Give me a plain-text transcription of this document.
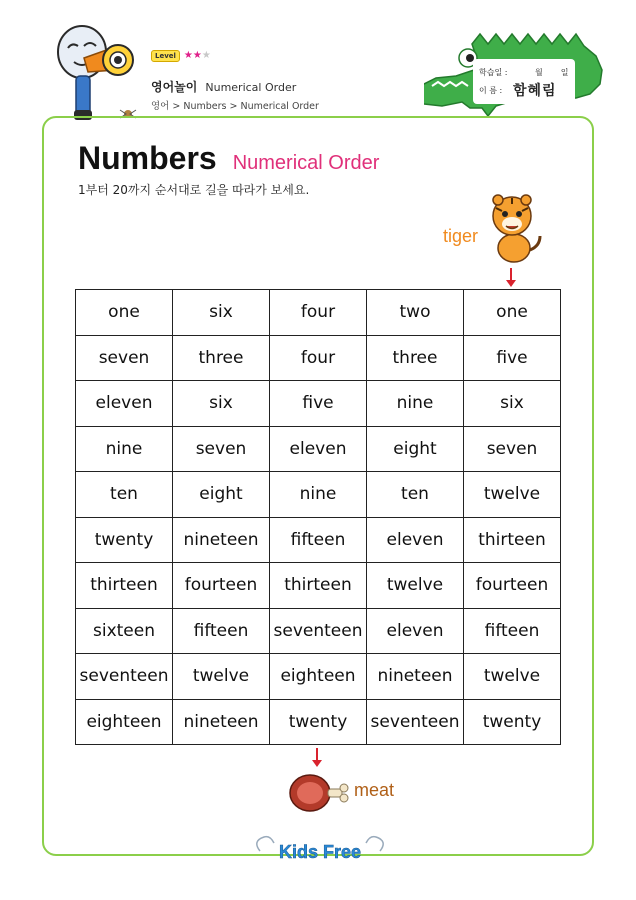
Level ★★★
영어놀이 Numerical Order
영어 > Numbers > Numerical Order
학습일 :	월 일
이 름 : 함혜림
Numbers Numerical Order
1부터 20까지 순서대로 길을 따라가 보세요.
tiger
one	six	four	two	one
seven	three	four	three	five
eleven	six	five	nine	six
nine	seven	eleven	eight	seven
ten	eight	nine	ten	twelve
twenty	nineteen	fifteen	eleven	thirteen
thirteen	fourteen	thirteen	twelve	fourteen
sixteen	fifteen	seventeen	eleven	fifteen
seventeen	twelve	eighteen	nineteen	twelve
eighteen	nineteen	twenty	seventeen	twenty
meat
Kids Free
